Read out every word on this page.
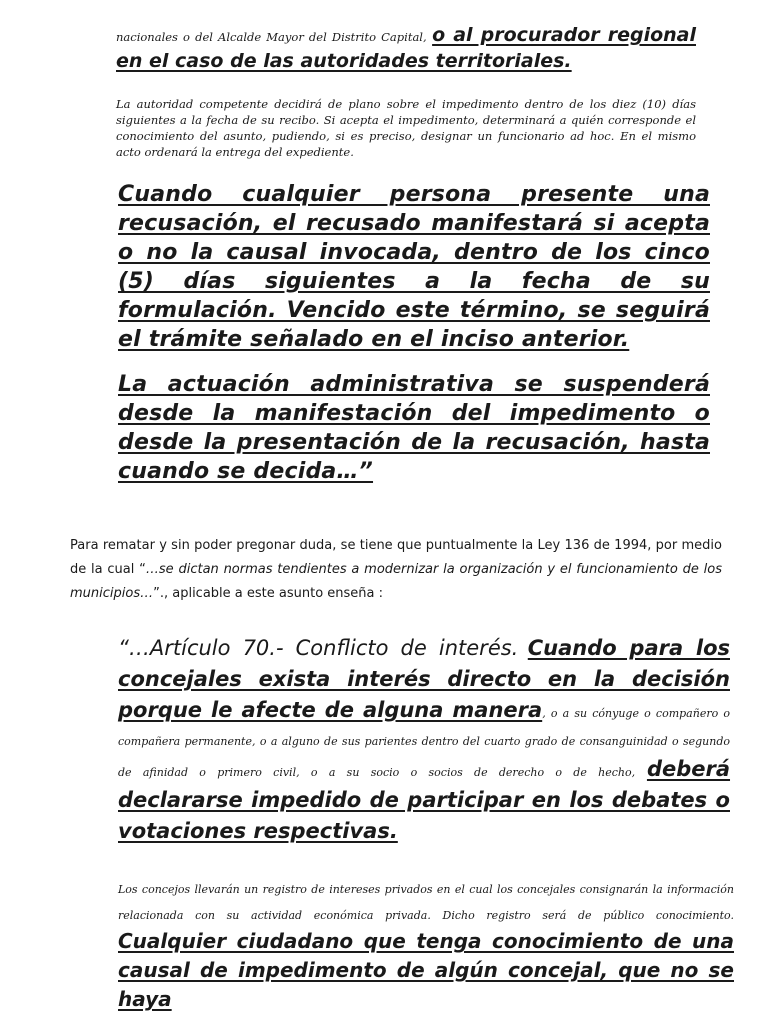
nacionales o del Alcalde Mayor del Distrito Capital, o al procurador regional en el caso de las autoridades territoriales.
La autoridad competente decidirá de plano sobre el impedimento dentro de los diez (10) días siguientes a la fecha de su recibo. Si acepta el impedimento, determinará a quién corresponde el conocimiento del asunto, pudiendo, si es preciso, designar un funcionario ad hoc. En el mismo acto ordenará la entrega del expediente.
Cuando cualquier persona presente una recusación, el recusado manifestará si acepta o no la causal invocada, dentro de los cinco (5) días siguientes a la fecha de su formulación. Vencido este término, se seguirá el trámite señalado en el inciso anterior.
La actuación administrativa se suspenderá desde la manifestación del impedimento o desde la presentación de la recusación, hasta cuando se decida…”
Para rematar y sin poder pregonar duda, se tiene que puntualmente la Ley 136 de 1994, por medio de la cual “…se dictan normas tendientes a modernizar la organización y el funcionamiento de los municipios…”., aplicable a este asunto enseña :
“…Artículo 70.- Conflicto de interés. Cuando para los concejales exista interés directo en la decisión porque le afecte de alguna manera, o a su cónyuge o compañero o compañera permanente, o a alguno de sus parientes dentro del cuarto grado de consanguinidad o segundo de afinidad o primero civil, o a su socio o socios de derecho o de hecho, deberá declararse impedido de participar en los debates o votaciones respectivas.
Los concejos llevarán un registro de intereses privados en el cual los concejales consignarán la información relacionada con su actividad económica privada. Dicho registro será de público conocimiento. Cualquier ciudadano que tenga conocimiento de una causal de impedimento de algún concejal, que no se haya
